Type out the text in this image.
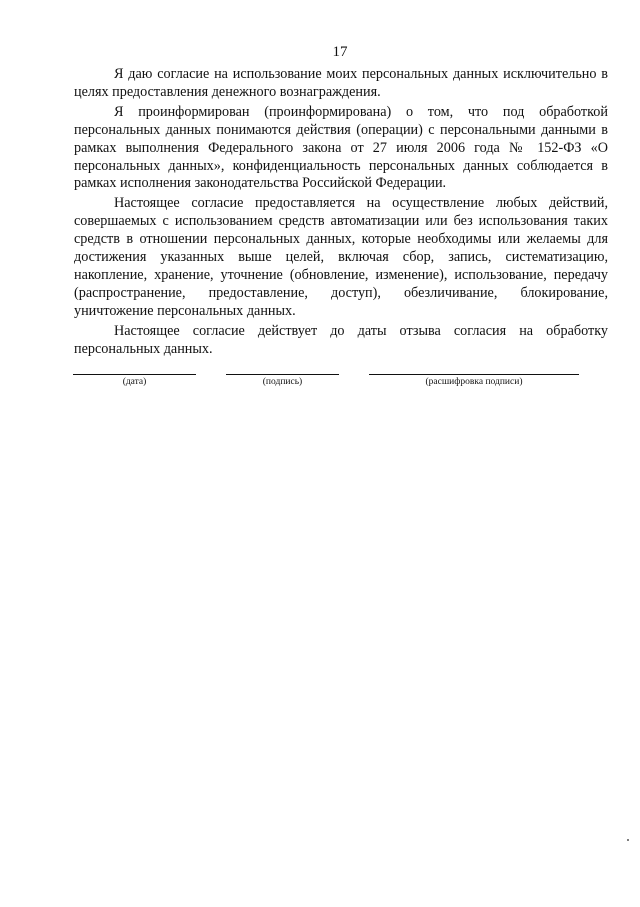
17

Я даю согласие на использование моих персональных данных исключительно в целях предоставления денежного вознаграждения.

Я проинформирован (проинформирована) о том, что под обработкой персональных данных понимаются действия (операции) с персональными данными в рамках выполнения Федерального закона от 27 июля 2006 года № 152-ФЗ «О персональных данных», конфиденциальность персональных данных соблюдается в рамках исполнения законодательства Российской Федерации.

Настоящее согласие предоставляется на осуществление любых действий, совершаемых с использованием средств автоматизации или без использования таких средств в отношении персональных данных, которые необходимы или желаемы для достижения указанных выше целей, включая сбор, запись, систематизацию, накопление, хранение, уточнение (обновление, изменение), использование, передачу (распространение, предоставление, доступ), обезличивание, блокирование, уничтожение персональных данных.

Настоящее согласие действует до даты отзыва согласия на обработку персональных данных.

(дата)	(подпись)	(расшифровка подписи)
